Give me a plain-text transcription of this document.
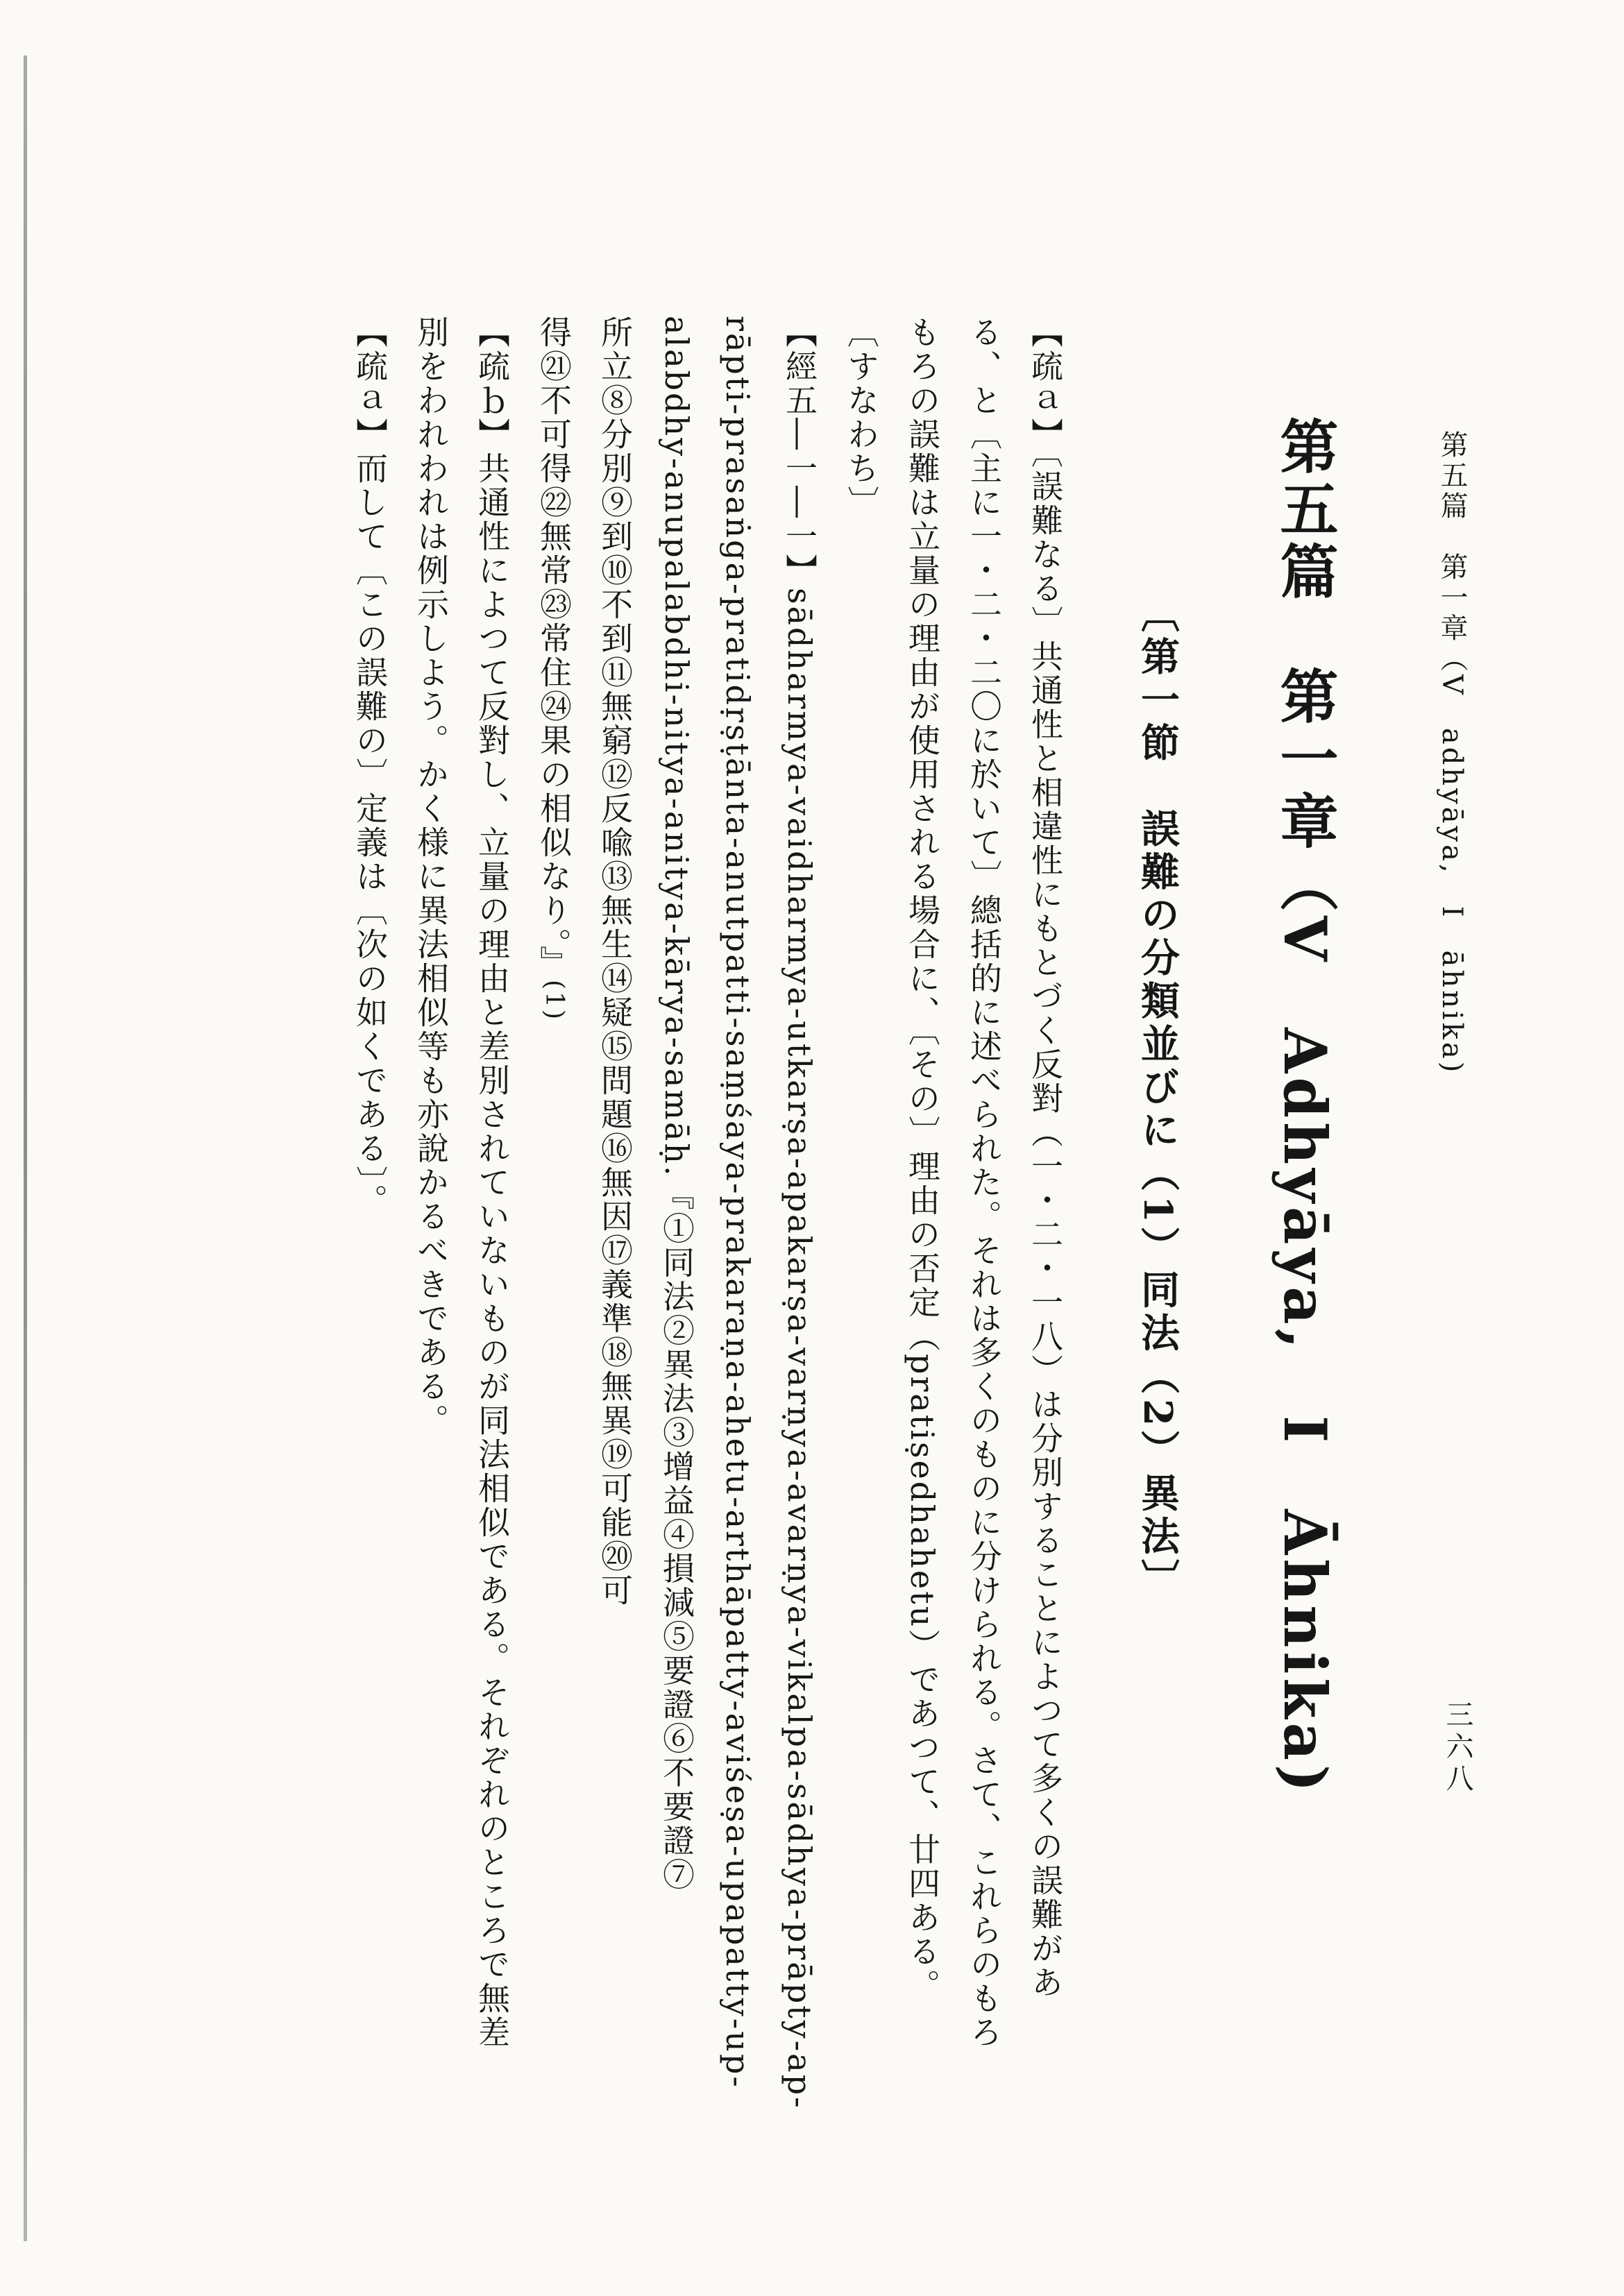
第五篇　第一章（V　adhyāya,　I　āhnika)

三六八

第五篇　第一章（V　Adhyāya,　I　Āhnika)
〔第一節　誤難の分類並びに（1）同法（2）異法〕

【疏ａ】〔誤難なる〕共通性と相違性にもとづく反對（一・二・一八）は分別することによつて多くの誤難があ

る、と〔主に一・二・二〇に於いて〕總括的に述べられた。それは多くのものに分けられる。さて、これらのもろ

もろの誤難は立量の理由が使用される場合に、〔その〕理由の否定（pratiṣedhahetu）であつて、廿四ある。

〔すなわち〕

【經五―一―一】sādharmya-vaidharmya-utkarṣa-apakarṣa-varṇya-avarṇya-vikalpa-sādhya-prāpty-ap-

rāpti-prasaṅga-pratidṛṣṭānta-anutpatti-saṃśaya-prakaraṇa-ahetu-arthāpatty-aviśeṣa-upapatty-up-

alabdhy-anupalabdhi-nitya-anitya-kārya-samāḥ.『①同法②異法③增益④損減⑤要證⑥不要證⑦

所立⑧分別⑨到⑩不到⑪無窮⑫反喩⑬無生⑭疑⑮問題⑯無因⑰義準⑱無異⑲可能⑳可

得㉑不可得㉒無常㉓常住㉔果の相似なり。』(1)

【疏ｂ】共通性によつて反對し、立量の理由と差別されていないものが同法相似である。それぞれのところで無差

別をわれわれは例示しよう。かく様に異法相似等も亦說かるべきである。

【疏ａ】而して〔この誤難の〕定義は〔次の如くである〕。
